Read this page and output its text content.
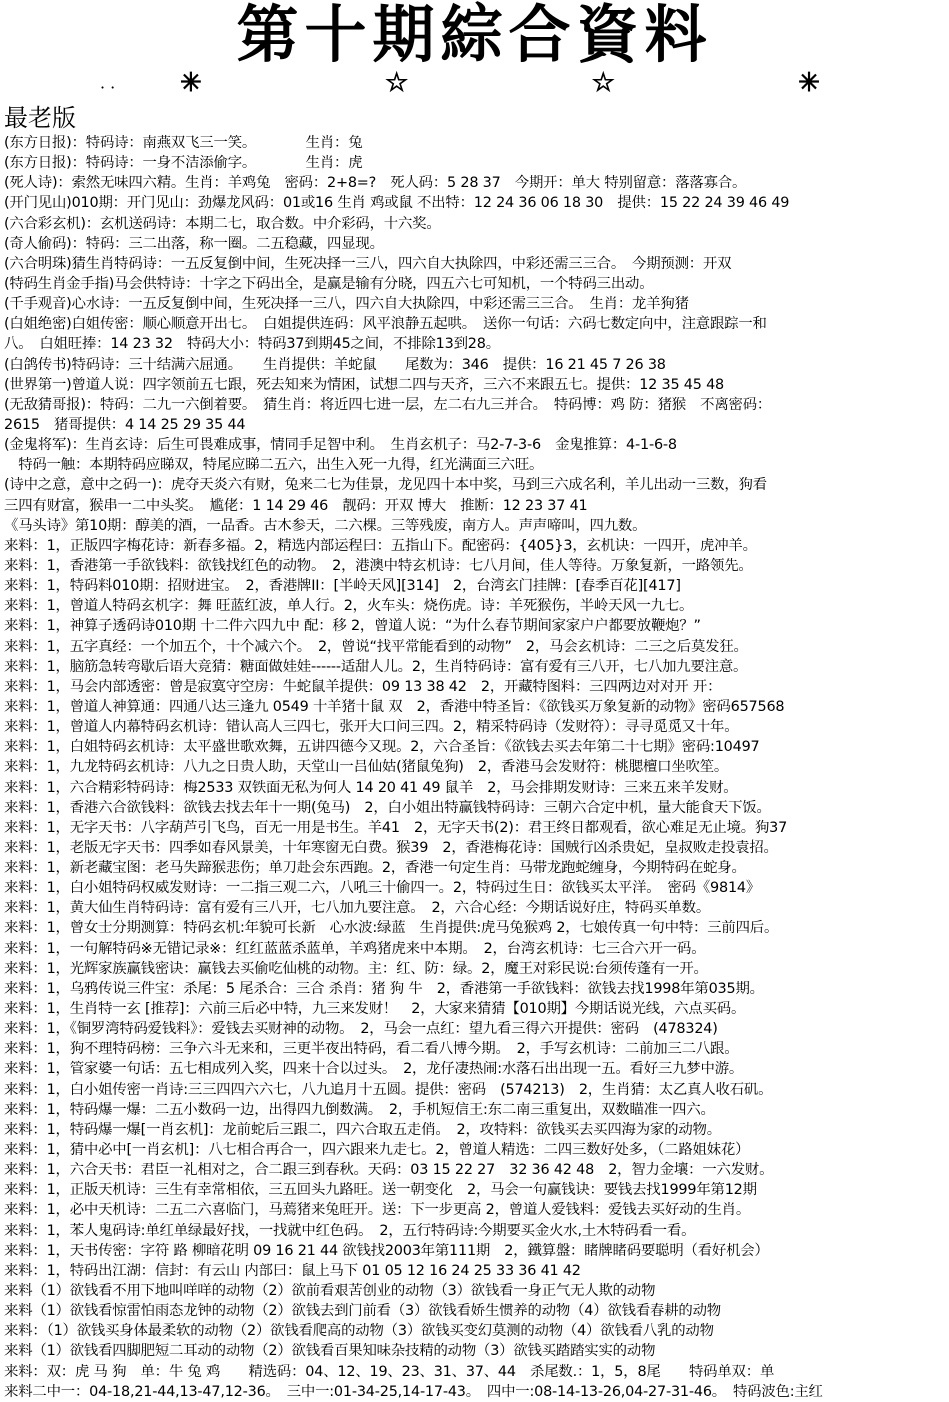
第十期綜合資料
· · ✳	☆	☆	✳
最老版
(东方日报)：特码诗：南燕双飞三一笑。　　　　生肖：兔
(东方日报)：特码诗：一身不洁添偷字。　　　　生肖：虎
(死人诗)：索然无味四六精。生肖：羊鸡兔　密码：2+8=?　死人码：5 28 37　今期开：单大 特别留意：落落寡合。
(开门见山)010期：开门见山：劲爆龙风码：01或16 生肖 鸡或鼠 不出特：12 24 36 06 18 30　提供：15 22 24 39 46 49
(六合彩玄机)：玄机送码诗：本期二七，取合数。中介彩码，十六奖。
(奇人偷码)：特码：三二出落，称一圈。二五稳藏，四显现。
(六合明珠)猜生肖特码诗：一五反复倒中间，生死决择一三八，四六自大执除四，中彩还需三三合。　今期预测：开双
(特码生肖金手指)马会供特诗：十字之下码出全，是赢是输有分晓，四五六七可知机，一个特码三出动。
(千手观音)心水诗：一五反复倒中间，生死决择一三八，四六自大执除四，中彩还需三三合。　生肖：龙羊狗猪
(白姐绝密)白姐传密：顺心顺意开出七。　白姐提供连码：风平浪静五起哄。　送你一句话：六码七数定向中，注意跟踪一和
八。　白姐旺捧：14 23 32　特码大小：特码37到期45之间，不排除13到28。
(白鸽传书)特码诗：三十结满六屈通。　　生肖提供：羊蛇鼠　　尾数为：346　提供：16 21 45 7 26 38
(世界第一)曾道人说：四字领前五七跟，死去知来为情困，试想二四与天齐，三六不来跟五七。提供：12 35 45 48
(无敌猜哥报)：特码：二九一六倒着要。　猜生肖：将近四七进一层，左二右九三并合。　特码博：鸡 防：猪猴　不离密码：
2615　猪哥提供：4 14 25 29 35 44
(金鬼将军)：生肖玄诗：后生可畏难成事，情同手足智中利。　生肖玄机子：马2-7-3-6　金鬼推算：4-1-6-8
　特码一触：本期特码应睇双，特尾应睇二五六，出生入死一九得，红光满面三六旺。
(诗中之意，意中之码一)：虎夺天炎六有财，兔来二七为佳景，龙见四十本中奖，马到三六成名利，羊儿出动一三数，狗看
三四有财富，猴串一二中头奖。　尴佬：1 14 29 46　靓码：开双 博大　推断：12 23 37 41
《马头诗》第10期：醇美的酒，一品香。古木参天，二六棵。三等残废，南方人。声声啼叫，四九数。
来料：1，正版四字梅花诗：新春多福。2，精选内部运程曰：五指山下。配密码：{405}3，玄机诀：一四开，虎冲羊。
来料：1，香港第一手欲钱料：欲钱找红色的动物。　2，港澳中特玄机诗：七八月间，佳人等待。万象复新，一路领先。
来料：1，特码料010期：招财进宝。　2，香港牌II：[半岭天风][314]　2，台湾玄门挂牌：[春季百花][417]
来料：1，曾道人特码玄机字：舞 旺蓝红波，单人行。2，火车头：烧伤虎。诗：羊死猴伤，半岭天风一九七。
来料：1，神算子透码诗010期 十二件六四九中 配：移 2，曾道人说：“为什么春节期间家家户户都要放鞭炮？”
来料：1，五字真经：一个加五个，十个减六个。　2，曾说“找平常能看到的动物”　2，马会玄机诗：二三之后莫发狂。
来料：1，脑筋急转弯歇后语大竞猜：糖面做娃娃------适甜人儿。2，生肖特码诗：富有爱有三八开，七八加九要注意。
来料：1，马会内部透密：曾是寂寞守空房：牛蛇鼠羊提供：09 13 38 42　2，开藏特图料：三四两边对对开 开：
来料：1，曾道人神算通：四通八达三逢九 0549 十羊猪十鼠 双　2，香港中特圣旨：《欲钱买万象复新的动物》密码657568
来料：1，曾道人内幕特码玄机诗：错认高人三四七，张开大口问三四。2，精采特码诗（发财符）：寻寻觅觅又十年。
来料：1，白姐特码玄机诗：太平盛世歌欢舞，五讲四德今又现。2，六合圣旨：《欲钱去买去年第二十七期》密码:10497
来料：1，九龙特码玄机诗：八九之日贵人助，天堂山一吕仙姑(猪鼠兔狗)　2，香港马会发财符：桃腮檀口坐吹笙。
来料：1，六合精彩特码诗：梅2533 双铁面无私为何人 14 20 41 49 鼠羊　2，马会排期发财诗：三来五来羊发财。
来料：1，香港六合欲钱料：欲钱去找去年十一期(兔马)　2，白小姐出特赢钱特码诗：三朝六合定中机，量大能食天下饭。
来料：1，无字天书：八字葫芦引飞鸟，百无一用是书生。羊41　2，无字天书(2)：君王终日都观看，欲心难足无止境。狗37
来料：1，老版无字天书：四季如春风景美，十年寒窗无白费。猴39　2，香港梅花诗：国贼行凶杀贵妃，皇叔败走投袁招。
来料：1，新老藏宝图：老马失蹄猴悲伤；单刀赴会东西跑。2，香港一句定生肖：马带龙跑蛇缠身，今期特码在蛇身。
来料：1，白小姐特码权威发财诗：一二指三观二六，八吼三十偷四一。2，特码过生日：欲钱买太平洋。　密码《9814》
来料：1，黄大仙生肖特码诗：富有爱有三八开，七八加九要注意。　2，六合心经：今期话说好庄，特码买单数。
来料：1，曾女士分期测算：特码玄机:年貌可长新　心水波:绿蓝　生肖提供:虎马兔猴鸡 2，七娘传真一句中特：三前四后。
来料：1，一句解特码※无错记录※：红红蓝蓝杀蓝单，羊鸡猪虎来中本期。　2，台湾玄机诗：七三合六开一码。
来料：1，光辉家族赢钱密诀：赢钱去买偷吃仙桃的动物。主：红、防：绿。2，魔王对彩民说:台须传蓬有一开。
来料：1，乌鸦传说三件宝：杀尾：5 尾杀合：三合 杀肖：猪 狗 牛　2，香港第一手欲钱料：欲钱去找1998年第035期。
来料：1，生肖特一玄 [推荐]：六前三后必中特，九三来发财！　2，大家来猜猜【010期】今期话说光线，六点买码。
来料：1，《铜罗湾特码爱钱料》：爱钱去买财神的动物。　2，马会一点红：望九看三得六开提供：密码　(478324)
来料：1，狗不理特码榜：三争六斗无来和，三更半夜出特码，看二看八博今期。　2，手写玄机诗：二前加三二八跟。
来料：1，管家婆一句话：五七相成列入奖，四来十合以过头。　2，龙仔凄热闹:水落石出出现一五。看好三九梦中游。
来料：1，白小姐传密一肖诗:三三四四六六七，八九追月十五圆。提供：密码　(574213)　2，生肖猜：太乙真人收石矶。
来料：1，特码爆一爆：二五小数码一边，出得四九倒数满。　2，手机短信王:东二南三重复出，双数瞄准一四六。
来料：1，特码爆一爆[一肖玄机]：龙前蛇后三跟二，四六合取五走俏。　2，攻特料：欲钱买去买四海为家的动物。
来料：1，猜中必中[一肖玄机]：八七相合再合一，四六跟来九走七。2，曾道人精选：二四三数好处多，（二路姐妹花）
来料：1，六合天书：君臣一礼相对之，合二跟三到春秋。天码：03 15 22 27　32 36 42 48　2，智力金壤：一六发财。
来料：1，正版天机诗：三生有幸常相依，三五回头九路旺。送一朝变化　2，马会一句赢钱诀：要钱去找1999年第12期
来料：1，必中天机诗：二五二六喜临门，马蔫猪来兔旺开。送：下一步更高 2，曾道人爱钱料：爱钱去买好动的生肖。
来料：1，苯人鬼码诗:单红单绿最好找，一找就中红色码。　2，五行特码诗:今期要买金火水,土木特码看一看。
来料：1，天书传密：字符 路 柳暗花明 09 16 21 44 欲钱找2003年第111期　2，鐵算盤：睹牌睹码要聪明（看好机会）
来料：1，特码出江湖：信封：有云山 内部曰：鼠上马下 01 05 12 16 24 25 33 36 41 42
来料（1）欲钱看不用下地叫咩咩的动物（2）欲前看艰苦创业的动物（3）欲钱看一身正气无人欺的动物
来料（1）欲钱看惊雷怕雨态龙钟的动物（2）欲钱去到门前看（3）欲钱看娇生惯养的动物（4）欲钱看春耕的动物
来料：（1）欲钱买身体最柔软的动物（2）欲钱看爬高的动物（3）欲钱买变幻莫测的动物（4）欲钱看八乳的动物
来料（1）欲钱看四脚肥短二耳动的动物（2）欲钱看百果知味杂技精的动物（3）欲钱买踏踏实实的动物
来料：双：虎 马 狗　单：牛 兔 鸡　　精选码：04、12、19、23、31、37、44　杀尾数.：1，5，8尾　　特码单双：单
来料二中一：04-18,21-44,13-47,12-36。　三中一:01-34-25,14-17-43。　四中一:08-14-13-26,04-27-31-46。　特码波色:主红
